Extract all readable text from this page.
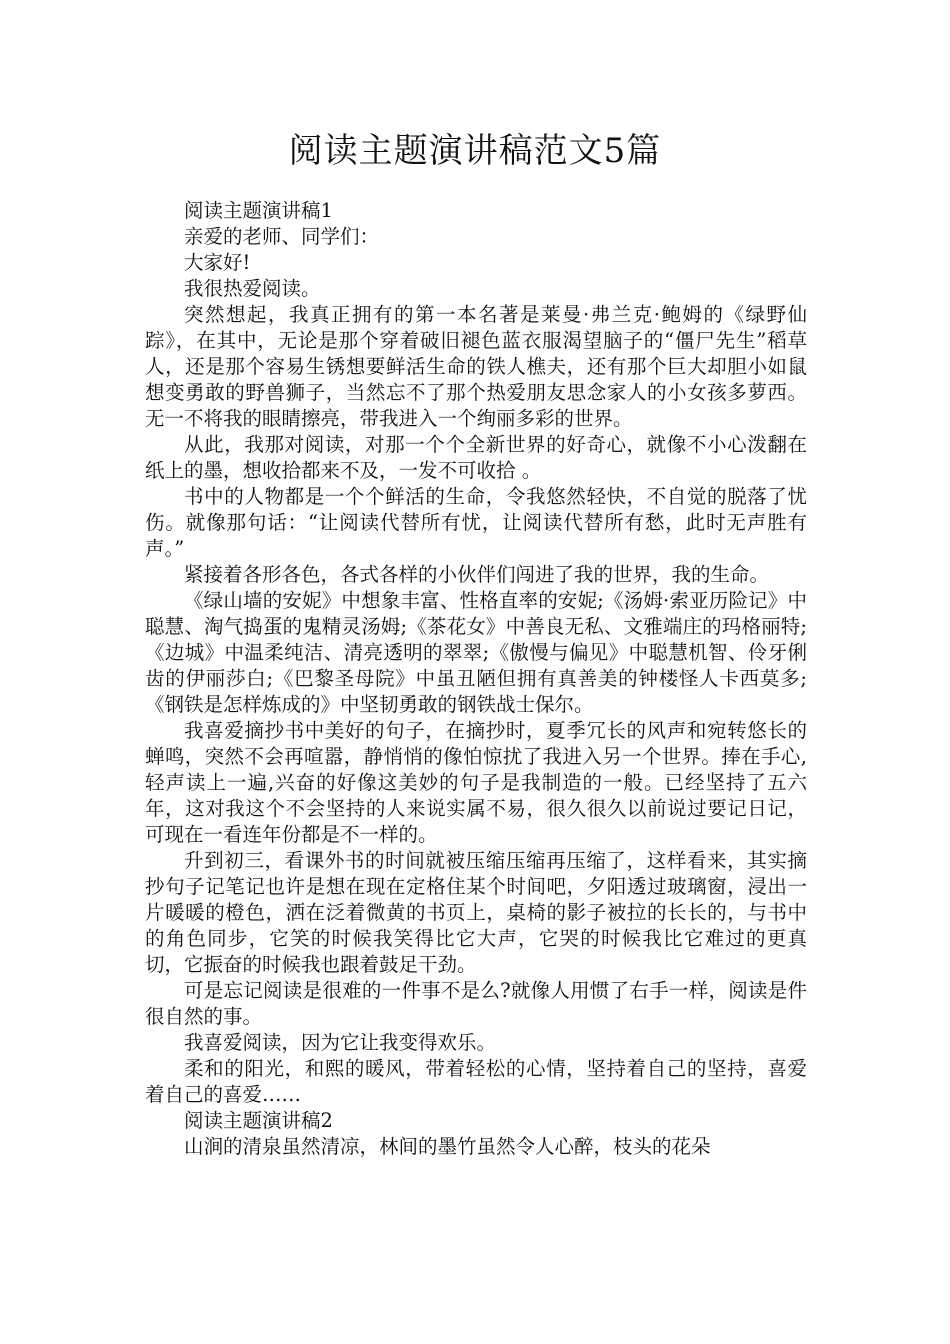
阅读主题演讲稿范文5篇

阅读主题演讲稿1

亲爱的老师、同学们：

大家好!

我很热爱阅读。

突然想起，我真正拥有的第一本名著是莱曼·弗兰克·鲍姆的《绿野仙踪》，在其中，无论是那个穿着破旧褪色蓝衣服渴望脑子的“僵尸先生”稻草人，还是那个容易生锈想要鲜活生命的铁人樵夫，还有那个巨大却胆小如鼠想变勇敢的野兽狮子，当然忘不了那个热爱朋友思念家人的小女孩多萝西。无一不将我的眼睛擦亮，带我进入一个绚丽多彩的世界。

从此，我那对阅读，对那一个个全新世界的好奇心，就像不小心泼翻在纸上的墨，想收拾都来不及，一发不可收拾 。

书中的人物都是一个个鲜活的生命，令我悠然轻快，不自觉的脱落了忧伤。就像那句话：“让阅读代替所有忧，让阅读代替所有愁，此时无声胜有声。”

紧接着各形各色，各式各样的小伙伴们闯进了我的世界，我的生命。

《绿山墙的安妮》中想象丰富、性格直率的安妮;《汤姆·索亚历险记》中聪慧、淘气捣蛋的鬼精灵汤姆;《茶花女》中善良无私、文雅端庄的玛格丽特;《边城》中温柔纯洁、清亮透明的翠翠;《傲慢与偏见》中聪慧机智、伶牙俐齿的伊丽莎白;《巴黎圣母院》中虽丑陋但拥有真善美的钟楼怪人卡西莫多;《钢铁是怎样炼成的》中坚韧勇敢的钢铁战士保尔。

我喜爱摘抄书中美好的句子，在摘抄时，夏季冗长的风声和宛转悠长的蝉鸣，突然不会再喧嚣，静悄悄的像怕惊扰了我进入另一个世界。捧在手心,轻声读上一遍,兴奋的好像这美妙的句子是我制造的一般。已经坚持了五六年，这对我这个不会坚持的人来说实属不易，很久很久以前说过要记日记，可现在一看连年份都是不一样的。

升到初三，看课外书的时间就被压缩压缩再压缩了，这样看来，其实摘抄句子记笔记也许是想在现在定格住某个时间吧，夕阳透过玻璃窗，浸出一片暖暖的橙色，洒在泛着微黄的书页上，桌椅的影子被拉的长长的，与书中的角色同步，它笑的时候我笑得比它大声，它哭的时候我比它难过的更真切，它振奋的时候我也跟着鼓足干劲。

可是忘记阅读是很难的一件事不是么?就像人用惯了右手一样，阅读是件很自然的事。

我喜爱阅读，因为它让我变得欢乐。

柔和的阳光，和熙的暖风，带着轻松的心情，坚持着自己的坚持，喜爱着自己的喜爱……

阅读主题演讲稿2

山涧的清泉虽然清凉，林间的墨竹虽然令人心醉，枝头的花朵
